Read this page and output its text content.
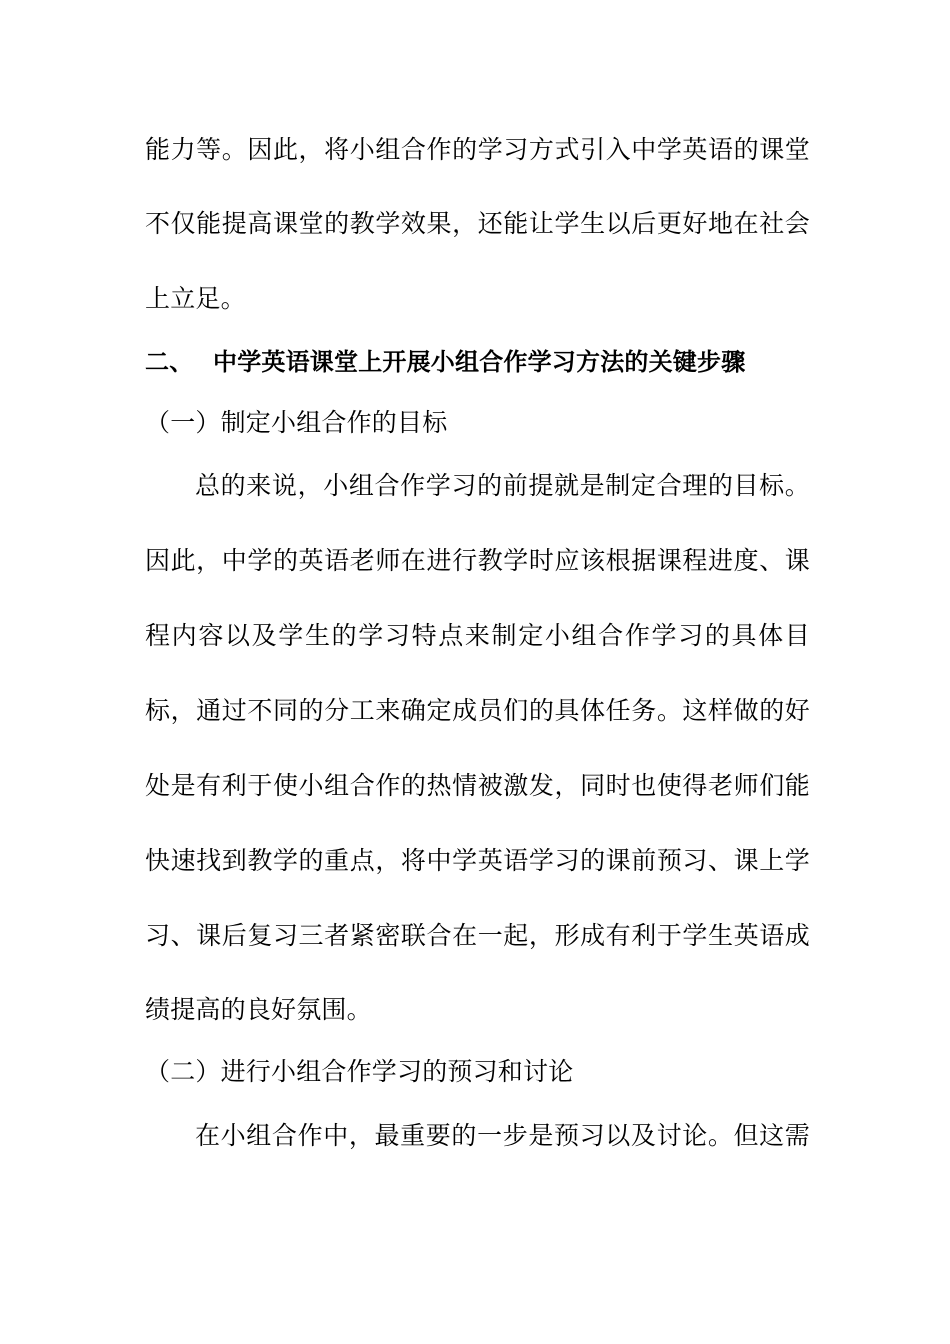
能力等。因此，将小组合作的学习方式引入中学英语的课堂
不仅能提高课堂的教学效果，还能让学生以后更好地在社会
上立足。
二、 中学英语课堂上开展小组合作学习方法的关键步骤
（一）制定小组合作的目标
总的来说，小组合作学习的前提就是制定合理的目标。
因此，中学的英语老师在进行教学时应该根据课程进度、课
程内容以及学生的学习特点来制定小组合作学习的具体目
标，通过不同的分工来确定成员们的具体任务。这样做的好
处是有利于使小组合作的热情被激发，同时也使得老师们能
快速找到教学的重点，将中学英语学习的课前预习、课上学
习、课后复习三者紧密联合在一起，形成有利于学生英语成
绩提高的良好氛围。
（二）进行小组合作学习的预习和讨论
在小组合作中，最重要的一步是预习以及讨论。但这需
